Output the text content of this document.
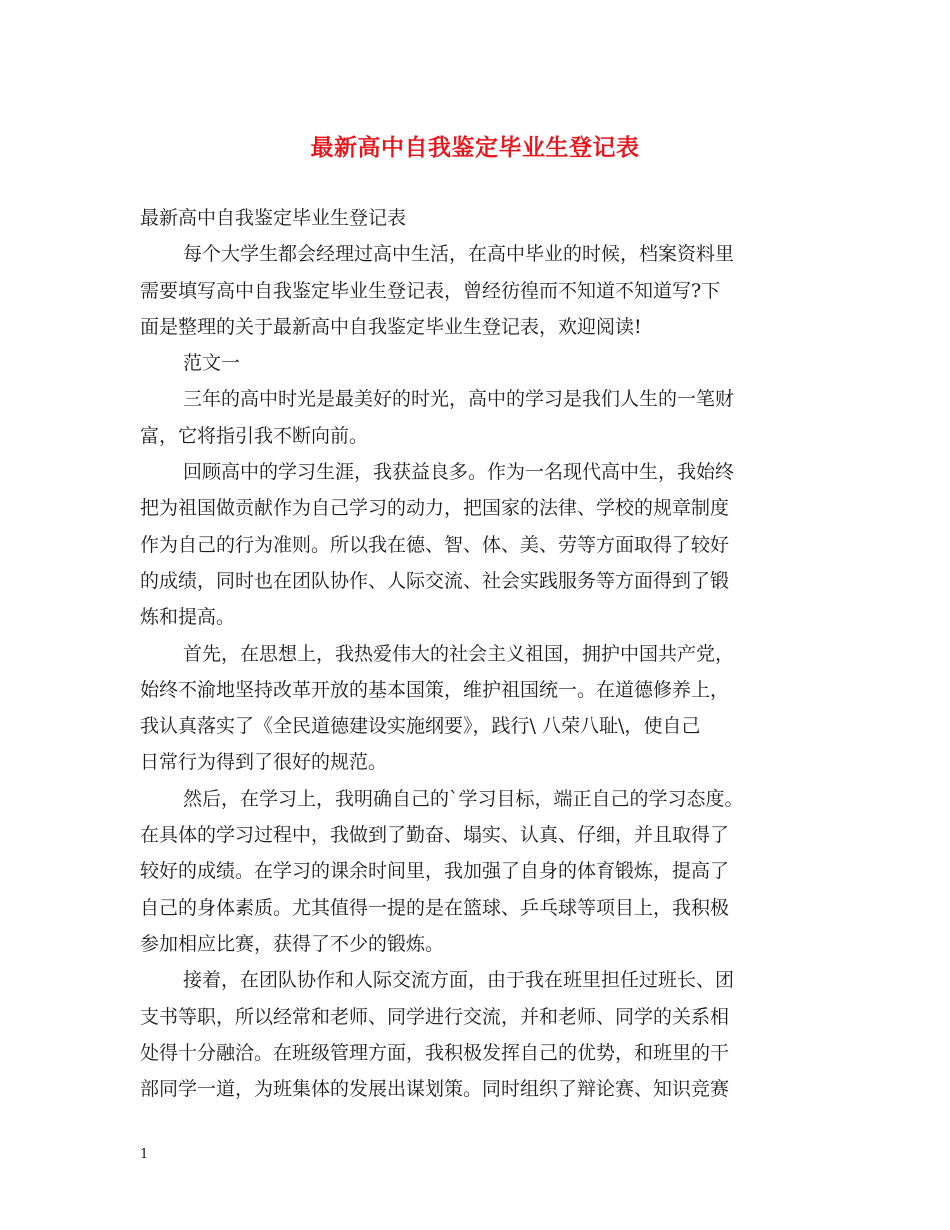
最新高中自我鉴定毕业生登记表
最新高中自我鉴定毕业生登记表
每个大学生都会经理过高中生活，在高中毕业的时候，档案资料里
需要填写高中自我鉴定毕业生登记表，曾经彷徨而不知道不知道写?下
面是整理的关于最新高中自我鉴定毕业生登记表，欢迎阅读!
范文一
三年的高中时光是最美好的时光，高中的学习是我们人生的一笔财
富，它将指引我不断向前。
回顾高中的学习生涯，我获益良多。作为一名现代高中生，我始终
把为祖国做贡献作为自己学习的动力，把国家的法律、学校的规章制度
作为自己的行为准则。所以我在德、智、体、美、劳等方面取得了较好
的成绩，同时也在团队协作、人际交流、社会实践服务等方面得到了锻
炼和提高。
首先，在思想上，我热爱伟大的社会主义祖国，拥护中国共产党，
始终不渝地坚持改革开放的基本国策，维护祖国统一。在道德修养上，
我认真落实了《全民道德建设实施纲要》，践行\ 八荣八耻\，使自己
日常行为得到了很好的规范。
然后，在学习上，我明确自己的`学习目标，端正自己的学习态度。
在具体的学习过程中，我做到了勤奋、塌实、认真、仔细，并且取得了
较好的成绩。在学习的课余时间里，我加强了自身的体育锻炼，提高了
自己的身体素质。尤其值得一提的是在篮球、乒乓球等项目上，我积极
参加相应比赛，获得了不少的锻炼。
接着，在团队协作和人际交流方面，由于我在班里担任过班长、团
支书等职，所以经常和老师、同学进行交流，并和老师、同学的关系相
处得十分融洽。在班级管理方面，我积极发挥自己的优势，和班里的干
部同学一道，为班集体的发展出谋划策。同时组织了辩论赛、知识竞赛
1
